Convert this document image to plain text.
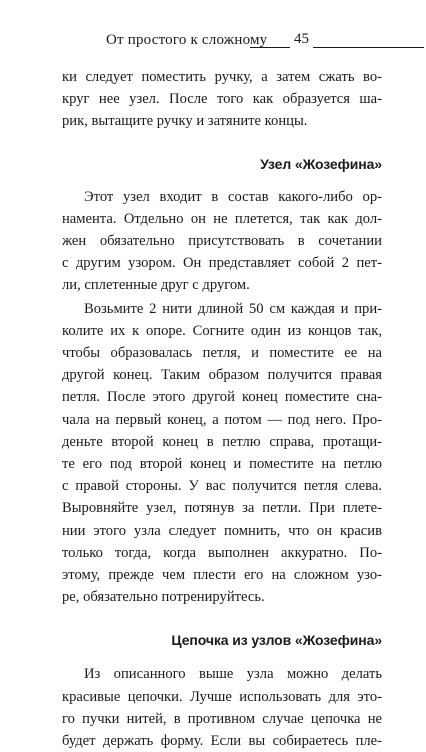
От простого к сложному 45

ки следует поместить ручку, а затем сжать во-
круг нее узел. После того как образуется ша-
рик, вытащите ручку и затяните концы.

Узел «Жозефина»

Этот узел входит в состав какого-либо ор-
намента. Отдельно он не плетется, так как дол-
жен обязательно присутствовать в сочетании
с другим узором. Он представляет собой 2 пет-
ли, сплетенные друг с другом.

Возьмите 2 нити длиной 50 см каждая и при-
колите их к опоре. Согните один из концов так,
чтобы образовалась петля, и поместите ее на
другой конец. Таким образом получится правая
петля. После этого другой конец поместите сна-
чала на первый конец, а потом — под него. Про-
деньте второй конец в петлю справа, протащи-
те его под второй конец и поместите на петлю
с правой стороны. У вас получится петля слева.
Выровняйте узел, потянув за петли. При плете-
нии этого узла следует помнить, что он красив
только тогда, когда выполнен аккуратно. По-
этому, прежде чем плести его на сложном узо-
ре, обязательно потренируйтесь.

Цепочка из узлов «Жозефина»

Из описанного выше узла можно делать
красивые цепочки. Лучше использовать для это-
го пучки нитей, в противном случае цепочка не
будет держать форму. Если вы собираетесь пле-
